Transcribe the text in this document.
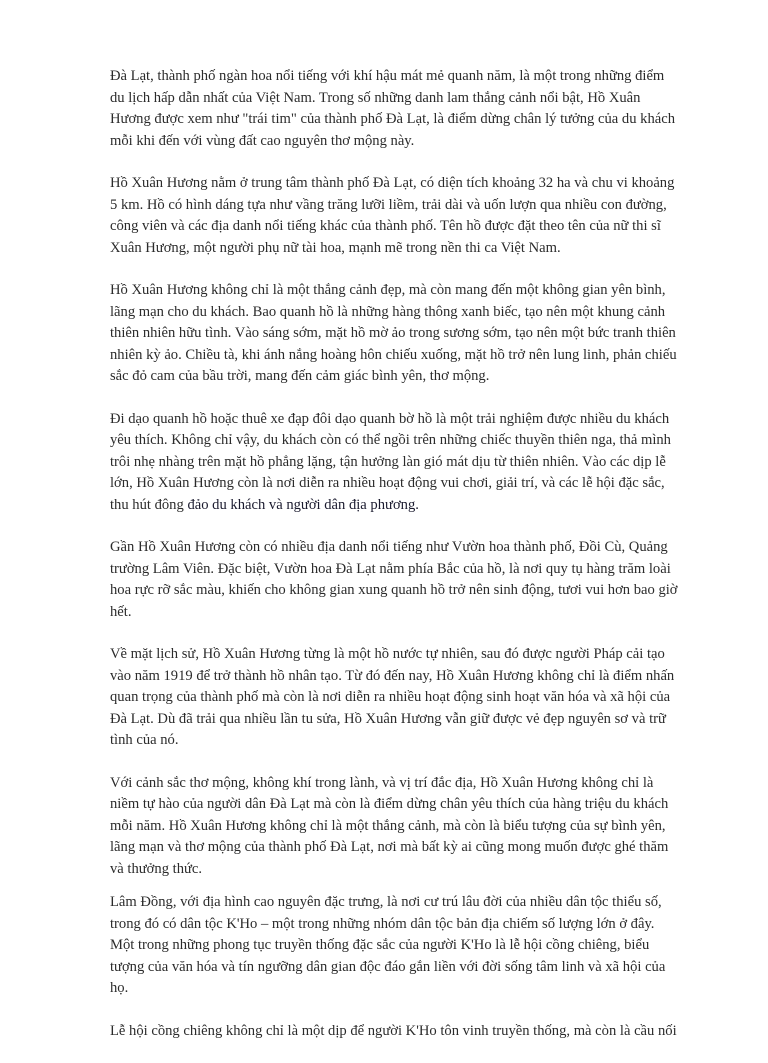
Đà Lạt, thành phố ngàn hoa nổi tiếng với khí hậu mát mẻ quanh năm, là một trong những điểm
du lịch hấp dẫn nhất của Việt Nam. Trong số những danh lam thắng cảnh nổi bật, Hồ Xuân
Hương được xem như "trái tim" của thành phố Đà Lạt, là điểm dừng chân lý tưởng của du khách
mỗi khi đến với vùng đất cao nguyên thơ mộng này.

Hồ Xuân Hương nằm ở trung tâm thành phố Đà Lạt, có diện tích khoảng 32 ha và chu vi khoảng
5 km. Hồ có hình dáng tựa như vầng trăng lưỡi liềm, trải dài và uốn lượn qua nhiều con đường,
công viên và các địa danh nổi tiếng khác của thành phố. Tên hồ được đặt theo tên của nữ thi sĩ
Xuân Hương, một người phụ nữ tài hoa, mạnh mẽ trong nền thi ca Việt Nam.

Hồ Xuân Hương không chỉ là một thắng cảnh đẹp, mà còn mang đến một không gian yên bình,
lãng mạn cho du khách. Bao quanh hồ là những hàng thông xanh biếc, tạo nên một khung cảnh
thiên nhiên hữu tình. Vào sáng sớm, mặt hồ mờ ảo trong sương sớm, tạo nên một bức tranh thiên
nhiên kỳ ảo. Chiều tà, khi ánh nắng hoàng hôn chiếu xuống, mặt hồ trở nên lung linh, phản chiếu
sắc đỏ cam của bầu trời, mang đến cảm giác bình yên, thơ mộng.

Đi dạo quanh hồ hoặc thuê xe đạp đôi dạo quanh bờ hồ là một trải nghiệm được nhiều du khách
yêu thích. Không chỉ vậy, du khách còn có thể ngồi trên những chiếc thuyền thiên nga, thả mình
trôi nhẹ nhàng trên mặt hồ phẳng lặng, tận hưởng làn gió mát dịu từ thiên nhiên. Vào các dịp lễ
lớn, Hồ Xuân Hương còn là nơi diễn ra nhiều hoạt động vui chơi, giải trí, và các lễ hội đặc sắc,
thu hút đông đảo du khách và người dân địa phương.

Gần Hồ Xuân Hương còn có nhiều địa danh nổi tiếng như Vườn hoa thành phố, Đồi Cù, Quảng
trường Lâm Viên. Đặc biệt, Vườn hoa Đà Lạt nằm phía Bắc của hồ, là nơi quy tụ hàng trăm loài
hoa rực rỡ sắc màu, khiến cho không gian xung quanh hồ trở nên sinh động, tươi vui hơn bao giờ
hết.

Về mặt lịch sử, Hồ Xuân Hương từng là một hồ nước tự nhiên, sau đó được người Pháp cải tạo
vào năm 1919 để trở thành hồ nhân tạo. Từ đó đến nay, Hồ Xuân Hương không chỉ là điểm nhấn
quan trọng của thành phố mà còn là nơi diễn ra nhiều hoạt động sinh hoạt văn hóa và xã hội của
Đà Lạt. Dù đã trải qua nhiều lần tu sửa, Hồ Xuân Hương vẫn giữ được vẻ đẹp nguyên sơ và trữ
tình của nó.

Với cảnh sắc thơ mộng, không khí trong lành, và vị trí đắc địa, Hồ Xuân Hương không chỉ là
niềm tự hào của người dân Đà Lạt mà còn là điểm dừng chân yêu thích của hàng triệu du khách
mỗi năm. Hồ Xuân Hương không chỉ là một thắng cảnh, mà còn là biểu tượng của sự bình yên,
lãng mạn và thơ mộng của thành phố Đà Lạt, nơi mà bất kỳ ai cũng mong muốn được ghé thăm
và thưởng thức.

Lâm Đồng, với địa hình cao nguyên đặc trưng, là nơi cư trú lâu đời của nhiều dân tộc thiểu số,
trong đó có dân tộc K'Ho – một trong những nhóm dân tộc bản địa chiếm số lượng lớn ở đây.
Một trong những phong tục truyền thống đặc sắc của người K'Ho là lễ hội cồng chiêng, biểu
tượng của văn hóa và tín ngưỡng dân gian độc đáo gắn liền với đời sống tâm linh và xã hội của
họ.

Lễ hội cồng chiêng không chỉ là một dịp để người K'Ho tôn vinh truyền thống, mà còn là cầu nối
